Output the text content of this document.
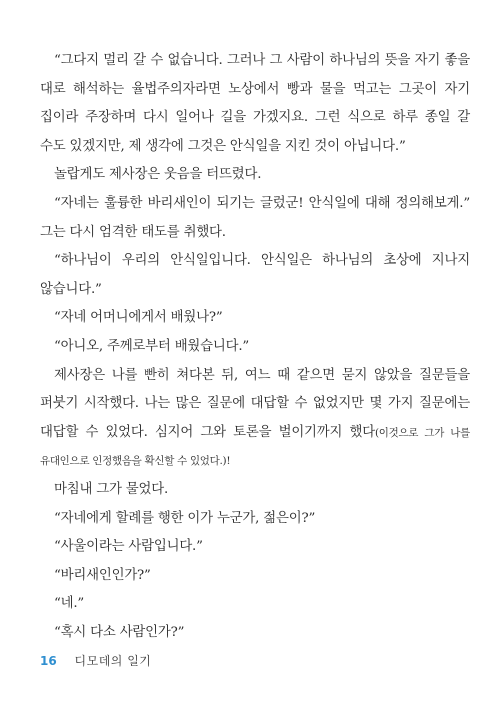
“그다지 멀리 갈 수 없습니다. 그러나 그 사람이 하나님의 뜻을 자기 좋을 대로 해석하는 율법주의자라면 노상에서 빵과 물을 먹고는 그곳이 자기 집이라 주장하며 다시 일어나 길을 가겠지요. 그런 식으로 하루 종일 갈 수도 있겠지만, 제 생각에 그것은 안식일을 지킨 것이 아닙니다.”

놀랍게도 제사장은 웃음을 터뜨렸다.

“자네는 훌륭한 바리새인이 되기는 글렀군! 안식일에 대해 정의해보게.” 그는 다시 엄격한 태도를 취했다.

“하나님이 우리의 안식일입니다. 안식일은 하나님의 초상에 지나지 않습니다.”

“자네 어머니에게서 배웠나?”

“아니오, 주께로부터 배웠습니다.”

제사장은 나를 빤히 쳐다본 뒤, 여느 때 같으면 묻지 않았을 질문들을 퍼붓기 시작했다. 나는 많은 질문에 대답할 수 없었지만 몇 가지 질문에는 대답할 수 있었다. 심지어 그와 토론을 벌이기까지 했다(이것으로 그가 나를 유대인으로 인정했음을 확신할 수 있었다.)!

마침내 그가 물었다.

“자네에게 할례를 행한 이가 누군가, 젊은이?”

“사울이라는 사람입니다.”

“바리새인인가?”

“네.”

“혹시 다소 사람인가?”

16 디모데의 일기
